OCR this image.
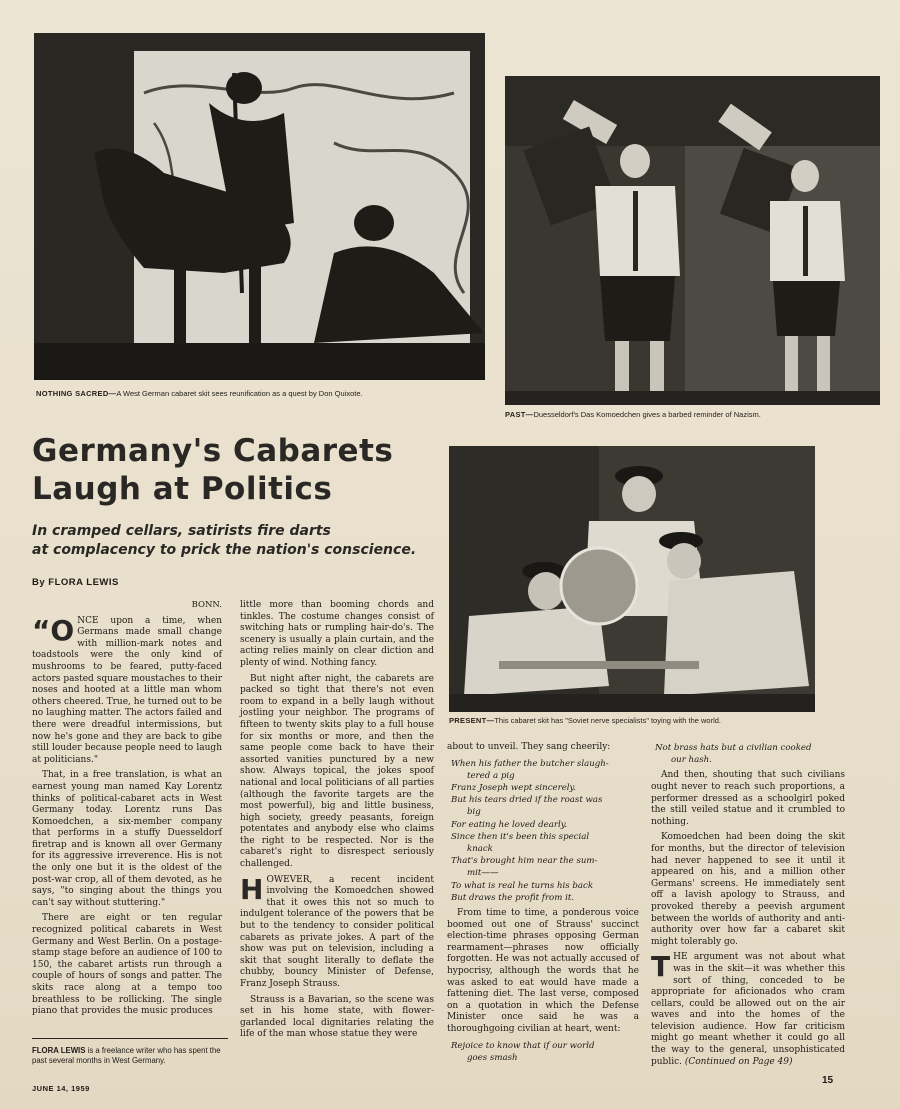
NOTHING SACRED—A West German cabaret skit sees reunification as a quest by Don Quixote.
PAST—Duesseldorf's Das Komoedchen gives a barbed reminder of Nazism.
Germany's Cabarets
Laugh at Politics
In cramped cellars, satirists fire darts
at complacency to prick the nation's conscience.
By FLORA LEWIS
PRESENT—This cabaret skit has "Soviet nerve specialists" toying with the world.

BONN.

“ONCE upon a time, when Germans made small change with million-mark notes and toadstools were the only kind of mushrooms to be feared, putty-faced actors pasted square moustaches to their noses and hooted at a little man whom others cheered. True, he turned out to be no laughing matter. The actors failed and there were dreadful intermissions, but now he's gone and they are back to gibe still louder because people need to laugh at politicians."

That, in a free translation, is what an earnest young man named Kay Lorentz thinks of political-cabaret acts in West Germany today. Lorentz runs Das Komoedchen, a six-member company that performs in a stuffy Duesseldorf firetrap and is known all over Germany for its aggressive irreverence. His is not the only one but it is the oldest of the post-war crop, all of them devoted, as he says, "to singing about the things you can't say without stuttering."

There are eight or ten regular recognized political cabarets in West Germany and West Berlin. On a postage-stamp stage before an audience of 100 to 150, the cabaret artists run through a couple of hours of songs and patter. The skits race along at a tempo too breathless to be rollicking. The single piano that provides the music produces

little more than booming chords and tinkles. The costume changes consist of switching hats or rumpling hair-do's. The scenery is usually a plain curtain, and the acting relies mainly on clear diction and plenty of wind. Nothing fancy.

But night after night, the cabarets are packed so tight that there's not even room to expand in a belly laugh without jostling your neighbor. The programs of fifteen to twenty skits play to a full house for six months or more, and then the same people come back to have their assorted vanities punctured by a new show. Always topical, the jokes spoof national and local politicians of all parties (although the favorite targets are the most powerful), big and little business, high society, greedy peasants, foreign potentates and anybody else who claims the right to be respected. Nor is the cabaret's right to disrespect seriously challenged.

HOWEVER, a recent incident involving the Komoedchen showed that it owes this not so much to indulgent tolerance of the powers that be but to the tendency to consider political cabarets as private jokes. A part of the show was put on television, including a skit that sought literally to deflate the chubby, bouncy Minister of Defense, Franz Joseph Strauss.

Strauss is a Bavarian, so the scene was set in his home state, with flower-garlanded local dignitaries relating the life of the man whose statue they were

about to unveil. They sang cheerily:

When his father the butcher slaugh-
tered a pig
Franz Joseph wept sincerely.
But his tears dried if the roast was
big
For eating he loved dearly.
Since then it's been this special
knack
That's brought him near the sum-
mit——
To what is real he turns his back
But draws the profit from it.

From time to time, a ponderous voice boomed out one of Strauss' succinct election-time phrases opposing German rearmament—phrases now officially forgotten. He was not actually accused of hypocrisy, although the words that he was asked to eat would have made a fattening diet. The last verse, composed on a quotation in which the Defense Minister once said he was a thoroughgoing civilian at heart, went:

Rejoice to know that if our world
goes smash
Not brass hats but a civilian cooked
our hash.

And then, shouting that such civilians ought never to reach such proportions, a performer dressed as a schoolgirl poked the still veiled statue and it crumbled to nothing.

Komoedchen had been doing the skit for months, but the director of television had never happened to see it until it appeared on his, and a million other Germans' screens. He immediately sent off a lavish apology to Strauss, and provoked thereby a peevish argument between the worlds of authority and anti-authority over how far a cabaret skit might tolerably go.

THE argument was not about what was in the skit—it was whether this sort of thing, conceded to be appropriate for aficionados who cram cellars, could be allowed out on the air waves and into the homes of the television audience. How far criticism might go meant whether it could go all the way to the general, unsophisticated public. (Continued on Page 49)

FLORA LEWIS is a freelance writer who has spent the past several months in West Germany.
JUNE 14, 1959
15
